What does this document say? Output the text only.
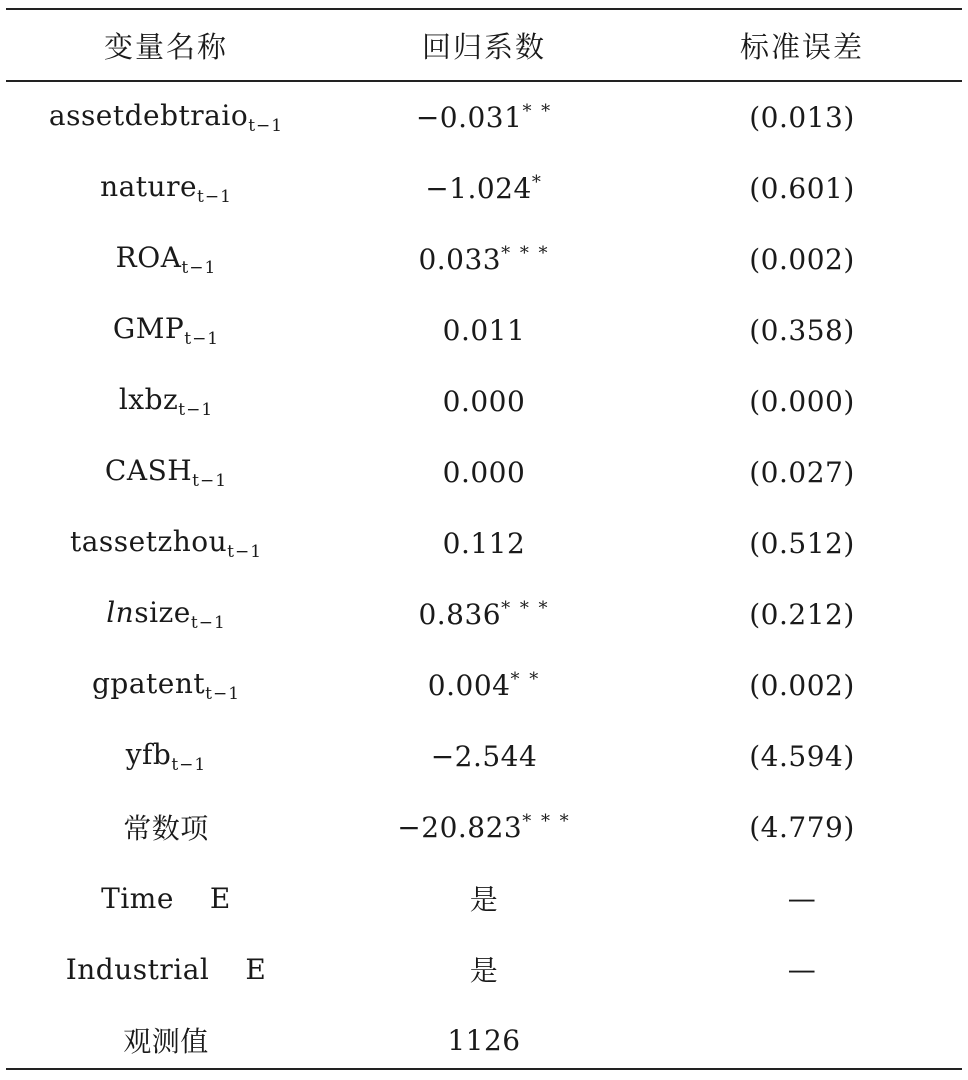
变量名称	回归系数	标准误差
assetdebtraio$_{t-1}$	−0.031* *	(0.013)
nature$_{t-1}$	−1.024*	(0.601)
$ROA_{t-1}$	0.033* * *	(0.002)
$GMP_{t-1}$	0.011	(0.358)
lxbz$_{t-1}$	0.000	(0.000)
$CASH_{t-1}$	0.000	(0.027)
tassetzhou$_{t-1}$	0.112	(0.512)
lnsize$_{t-1}$	0.836* * *	(0.212)
gpatent$_{t-1}$	0.004* *	(0.002)
yfb$_{t-1}$	−2.544	(4.594)
常数项	−20.823* * *	(4.779)
Time E	是	—
Industrial E	是	—
观测值	1126
